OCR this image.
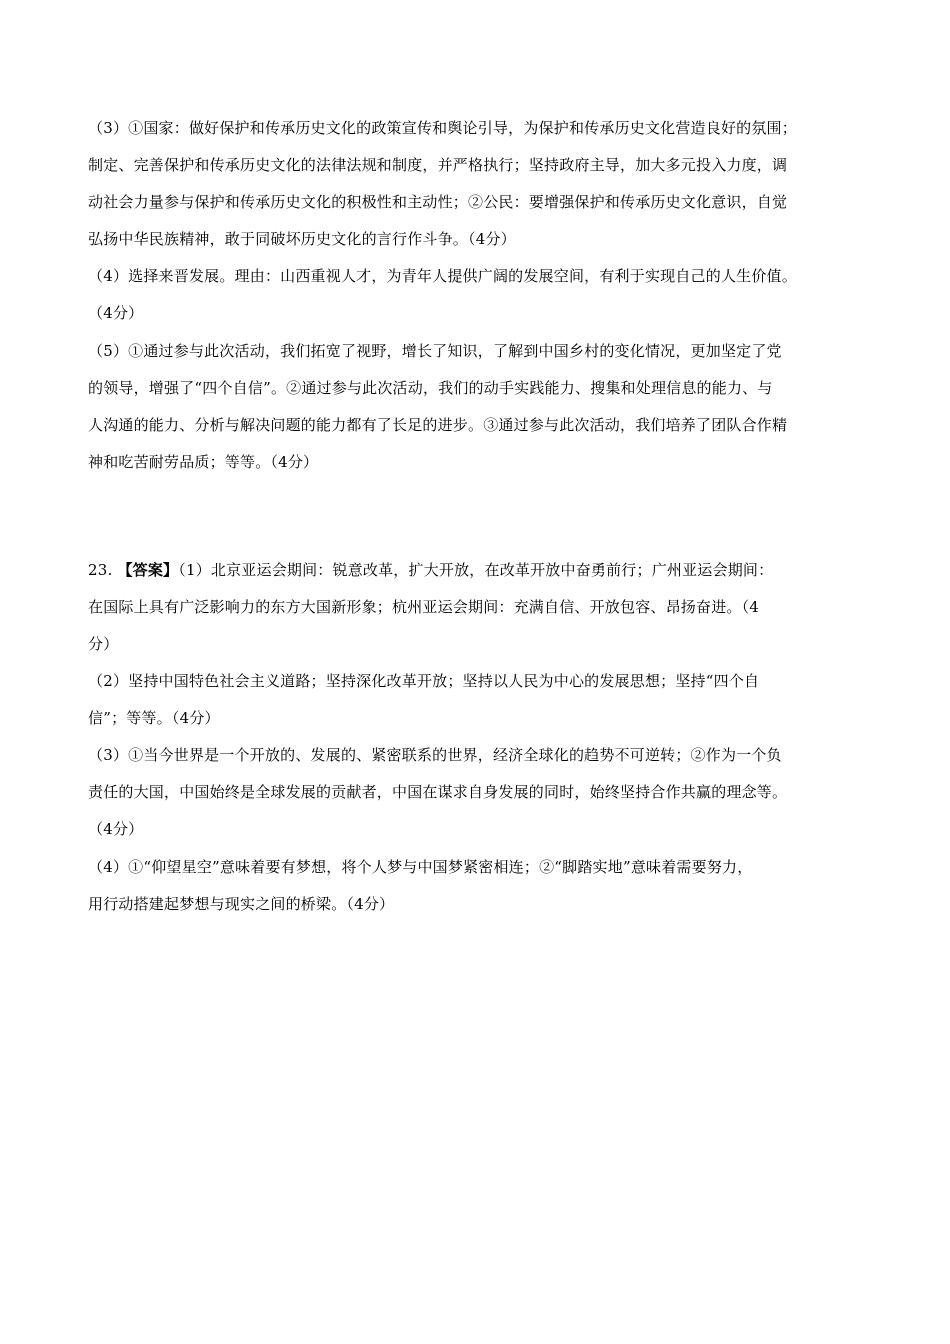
（3）①国家：做好保护和传承历史文化的政策宣传和舆论引导，为保护和传承历史文化营造良好的氛围；
制定、完善保护和传承历史文化的法律法规和制度，并严格执行；坚持政府主导，加大多元投入力度，调
动社会力量参与保护和传承历史文化的积极性和主动性；②公民：要增强保护和传承历史文化意识，自觉
弘扬中华民族精神，敢于同破坏历史文化的言行作斗争。（4分）
（4）选择来晋发展。理由：山西重视人才，为青年人提供广阔的发展空间，有利于实现自己的人生价值。
（4分）
（5）①通过参与此次活动，我们拓宽了视野，增长了知识，了解到中国乡村的变化情况，更加坚定了党
的领导，增强了“四个自信”。②通过参与此次活动，我们的动手实践能力、搜集和处理信息的能力、与
人沟通的能力、分析与解决问题的能力都有了长足的进步。③通过参与此次活动，我们培养了团队合作精
神和吃苦耐劳品质；等等。（4分）
23. 【答案】（1）北京亚运会期间：锐意改革，扩大开放，在改革开放中奋勇前行；广州亚运会期间：
在国际上具有广泛影响力的东方大国新形象；杭州亚运会期间：充满自信、开放包容、昂扬奋进。（4
分）
（2）坚持中国特色社会主义道路；坚持深化改革开放；坚持以人民为中心的发展思想；坚持“四个自
信”；等等。（4分）
（3）①当今世界是一个开放的、发展的、紧密联系的世界，经济全球化的趋势不可逆转；②作为一个负
责任的大国，中国始终是全球发展的贡献者，中国在谋求自身发展的同时，始终坚持合作共赢的理念等。
（4分）
（4）①“仰望星空”意味着要有梦想，将个人梦与中国梦紧密相连；②“脚踏实地”意味着需要努力，
用行动搭建起梦想与现实之间的桥梁。（4分）
